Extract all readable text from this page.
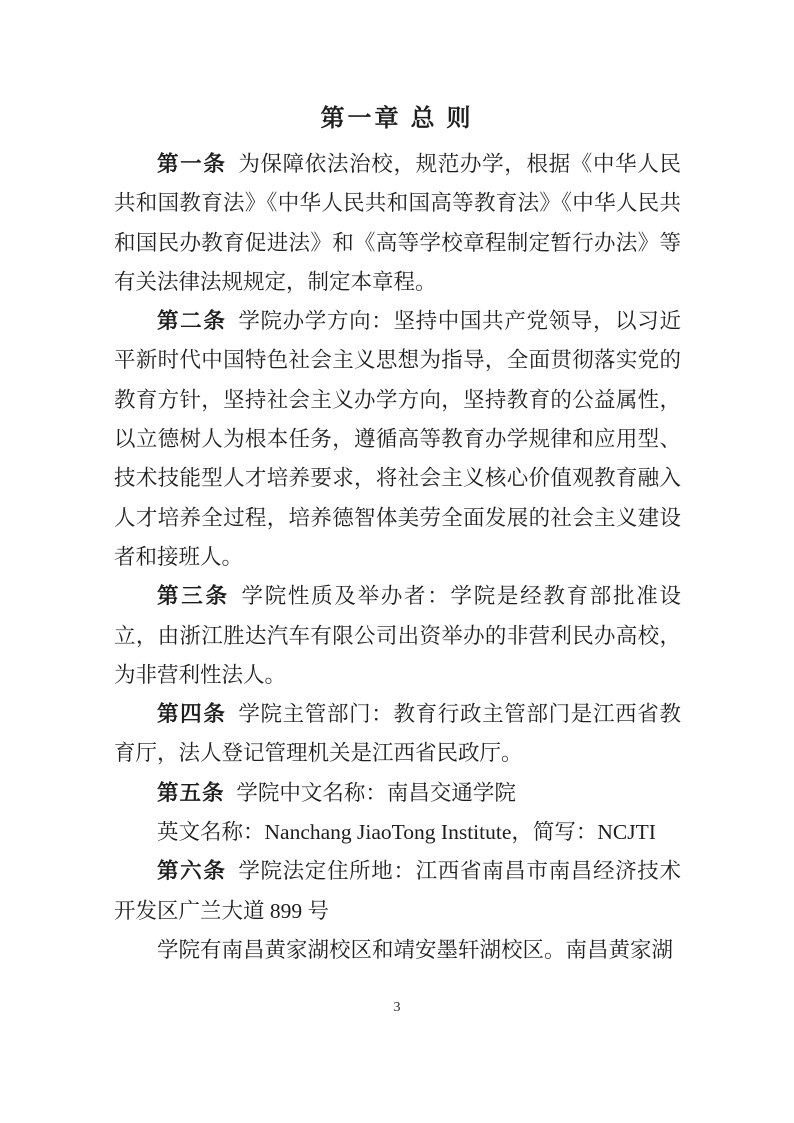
第一章 总 则

第一条 为保障依法治校，规范办学，根据《中华人民共和国教育法》《中华人民共和国高等教育法》《中华人民共和国民办教育促进法》和《高等学校章程制定暂行办法》等有关法律法规规定，制定本章程。

第二条 学院办学方向：坚持中国共产党领导，以习近平新时代中国特色社会主义思想为指导，全面贯彻落实党的教育方针，坚持社会主义办学方向，坚持教育的公益属性，以立德树人为根本任务，遵循高等教育办学规律和应用型、技术技能型人才培养要求，将社会主义核心价值观教育融入人才培养全过程，培养德智体美劳全面发展的社会主义建设者和接班人。

第三条 学院性质及举办者：学院是经教育部批准设立，由浙江胜达汽车有限公司出资举办的非营利民办高校，为非营利性法人。

第四条 学院主管部门：教育行政主管部门是江西省教育厅，法人登记管理机关是江西省民政厅。

第五条 学院中文名称：南昌交通学院

英文名称：Nanchang JiaoTong Institute，简写：NCJTI

第六条 学院法定住所地：江西省南昌市南昌经济技术开发区广兰大道 899 号

学院有南昌黄家湖校区和靖安墨轩湖校区。南昌黄家湖

3
